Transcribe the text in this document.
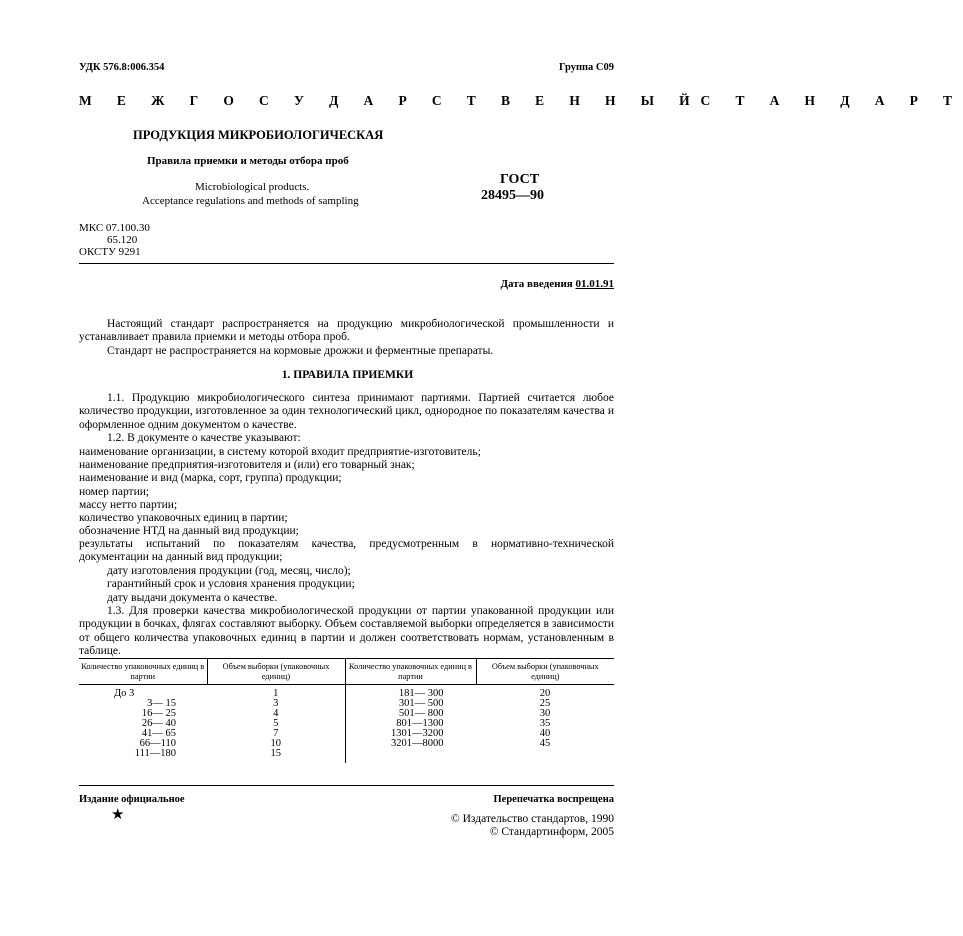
УДК 576.8:006.354	Группа С09
М Е Ж Г О С У Д А Р С Т В Е Н Н Ы Й С Т А Н Д А Р Т
ПРОДУКЦИЯ МИКРОБИОЛОГИЧЕСКАЯ
Правила приемки и методы отбора проб
Microbiological products.
Acceptance regulations and methods of sampling
ГОСТ
28495—90
МКС 07.100.30
65.120
ОКСТУ 9291
Дата введения 01.01.91
Настоящий стандарт распространяется на продукцию микробиологической промышленности и устанавливает правила приемки и методы отбора проб.
Стандарт не распространяется на кормовые дрожжи и ферментные препараты.
1. ПРАВИЛА ПРИЕМКИ
1.1. Продукцию микробиологического синтеза принимают партиями. Партией считается любое количество продукции, изготовленное за один технологический цикл, однородное по показателям качества и оформленное одним документом о качестве.
1.2. В документе о качестве указывают:
наименование организации, в систему которой входит предприятие-изготовитель;
наименование предприятия-изготовителя и (или) его товарный знак;
наименование и вид (марка, сорт, группа) продукции;
номер партии;
массу нетто партии;
количество упаковочных единиц в партии;
обозначение НТД на данный вид продукции;
результаты испытаний по показателям качества, предусмотренным в нормативно-технической документации на данный вид продукции;
дату изготовления продукции (год, месяц, число);
гарантийный срок и условия хранения продукции;
дату выдачи документа о качестве.
1.3. Для проверки качества микробиологической продукции от партии упакованной продукции или продукции в бочках, флягах составляют выборку. Объем составляемой выборки определяется в зависимости от общего количества упаковочных единиц в партии и должен соответствовать нормам, установленным в таблице.
Количество упаковочных единиц в партии	Объем выборки (упаковочных единиц)	Количество упаковочных единиц в партии	Объем выборки (упаковочных единиц)

До 3	1	181— 300	20

3— 15	3	301— 500	25

16— 25	4	501— 800	30

26— 40	5	801—1300	35

41— 65	7	1301—3200	40

66—110	10	3201—8000	45

111—180	15		
Издание официальное	Перепечатка воспрещена
★	© Издательство стандартов, 1990
© Стандартинформ, 2005
